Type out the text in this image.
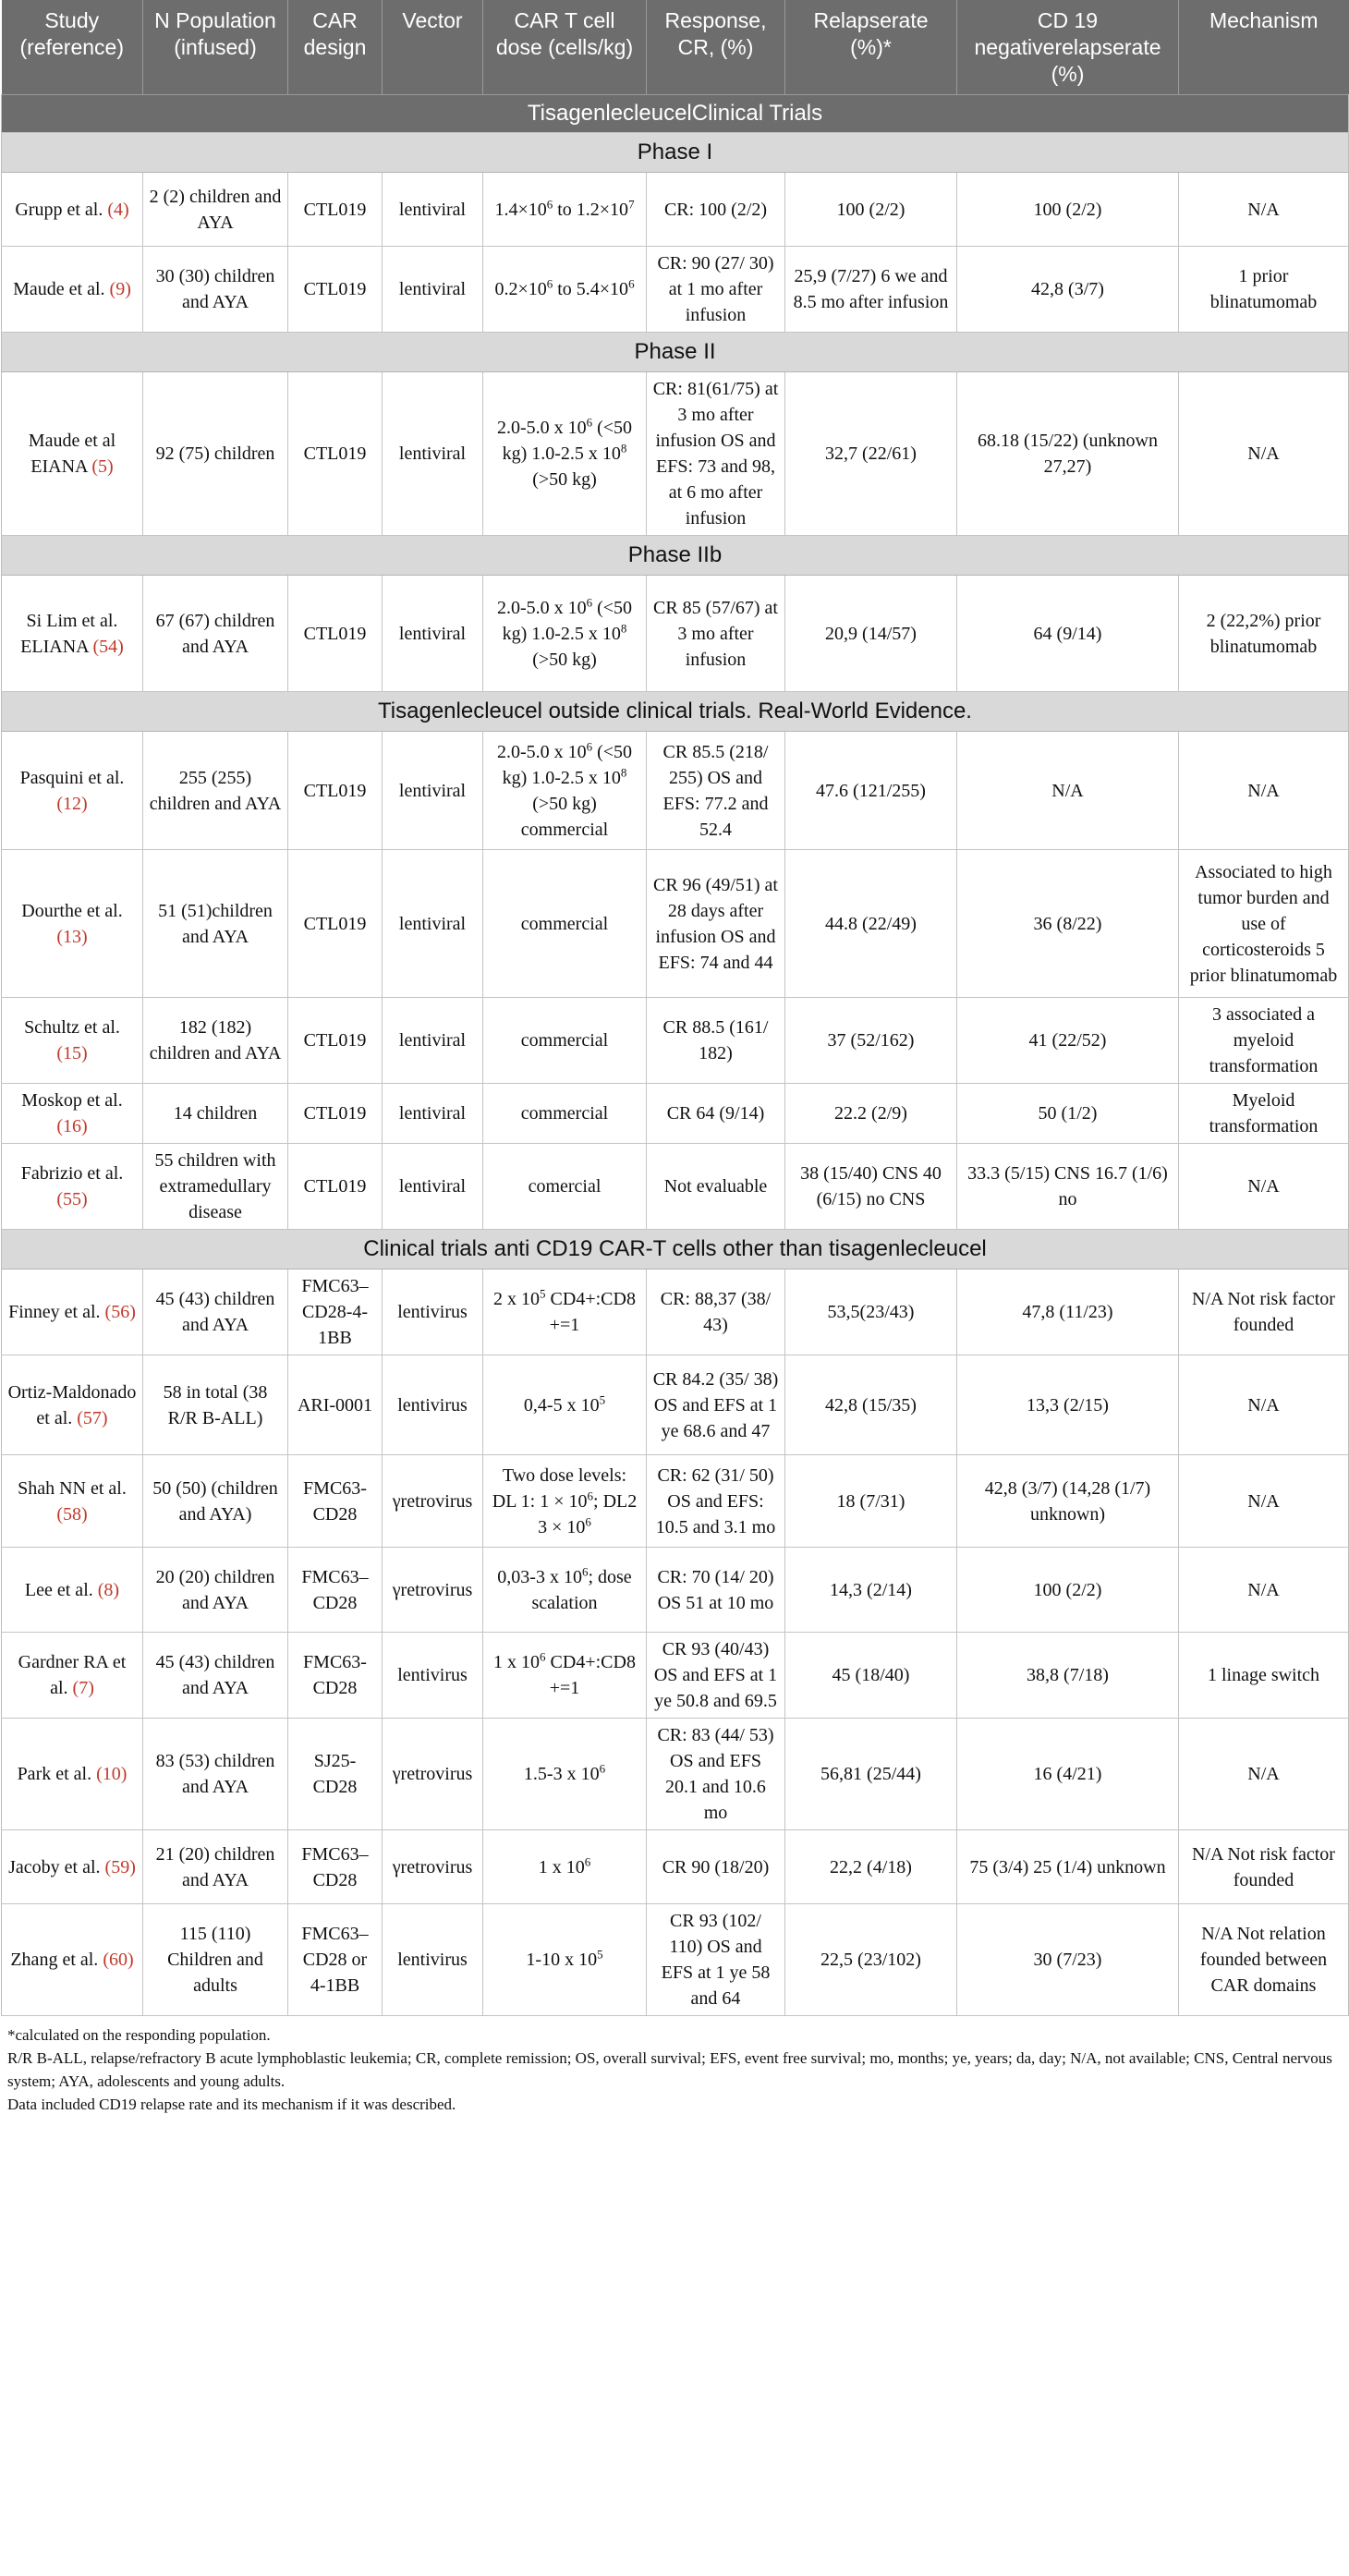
Study (reference)	N Population (infused)	CAR design	Vector	CAR T cell dose (cells/kg)	Response, CR, (%)	Relapserate (%)*	CD 19 negativerelapserate (%)	Mechanism
TisagenlecleucelClinical Trials								
Phase I								
Grupp et al. (4)	2 (2) children and AYA	CTL019	lentiviral	$1.4\times 10^6$ to $1.2\times 10^7$	CR: 100 (2/2)	100 (2/2)	100 (2/2)	N/A
Maude et al. (9)	30 (30) children and AYA	CTL019	lentiviral	$0.2\times 10^6$ to $5.4\times 10^6$	CR: 90 (27/ 30) at 1 mo after infusion	25,9 (7/27) 6 we and 8.5 mo after infusion	42,8 (3/7)	1 prior blinatumomab
Phase II								
Maude et al EIANA (5)	92 (75) children	CTL019	lentiviral	2.0-5.0 x $10^6$ (<50 kg) 1.0-2.5 x $10^8$ (>50 kg)	CR: 81(61/75) at 3 mo after infusion OS and EFS: 73 and 98, at 6 mo after infusion	32,7 (22/61)	68.18 (15/22) (unknown 27,27)	N/A
Phase IIb								
Si Lim et al. ELIANA (54)	67 (67) children and AYA	CTL019	lentiviral	2.0-5.0 x $10^6$ (<50 kg) 1.0-2.5 x $10^8$ (>50 kg)	CR 85 (57/67) at 3 mo after infusion	20,9 (14/57)	64 (9/14)	2 (22,2%) prior blinatumomab
Tisagenlecleucel outside clinical trials. Real-World Evidence.								
Pasquini et al. (12)	255 (255) children and AYA	CTL019	lentiviral	2.0-5.0 x $10^6$ (<50 kg) 1.0-2.5 x $10^8$ (>50 kg) commercial	CR 85.5 (218/ 255) OS and EFS: 77.2 and 52.4	47.6 (121/255)	N/A	N/A
Dourthe et al. (13)	51 (51)children and AYA	CTL019	lentiviral	commercial	CR 96 (49/51) at 28 days after infusion OS and EFS: 74 and 44	44.8 (22/49)	36 (8/22)	Associated to high tumor burden and use of corticosteroids 5 prior blinatumomab
Schultz et al. (15)	182 (182) children and AYA	CTL019	lentiviral	commercial	CR 88.5 (161/ 182)	37 (52/162)	41 (22/52)	3 associated a myeloid transformation
Moskop et al. (16)	14 children	CTL019	lentiviral	commercial	CR 64 (9/14)	22.2 (2/9)	50 (1/2)	Myeloid transformation
Fabrizio et al. (55)	55 children with extramedullary disease	CTL019	lentiviral	comercial	Not evaluable	38 (15/40) CNS 40 (6/15) no CNS	33.3 (5/15) CNS 16.7 (1/6) no	N/A
Clinical trials anti CD19 CAR-T cells other than tisagenlecleucel								
Finney et al. (56)	45 (43) children and AYA	FMC63–CD28-4-1BB	lentivirus	2 x $10^5$ CD4+:CD8 +=1	CR: 88,37 (38/ 43)	53,5(23/43)	47,8 (11/23)	N/A Not risk factor founded
Ortiz-Maldonado et al. (57)	58 in total (38 R/R B-ALL)	ARI-0001	lentivirus	0,4-5 x $10^5$	CR 84.2 (35/ 38) OS and EFS at 1 ye 68.6 and 47	42,8 (15/35)	13,3 (2/15)	N/A
Shah NN et al. (58)	50 (50) (children and AYA)	FMC63-CD28	γretrovirus	Two dose levels: DL 1: $1 \times 10^6$; DL2 $3 \times 10^6$	CR: 62 (31/ 50) OS and EFS: 10.5 and 3.1 mo	18 (7/31)	42,8 (3/7) (14,28 (1/7) unknown)	N/A
Lee et al. (8)	20 (20) children and AYA	FMC63–CD28	γretrovirus	0,03-3 x $10^6$; dose scalation	CR: 70 (14/ 20) OS 51 at 10 mo	14,3 (2/14)	100 (2/2)	N/A
Gardner RA et al. (7)	45 (43) children and AYA	FMC63-CD28	lentivirus	1 x $10^6$ CD4+:CD8 +=1	CR 93 (40/43) OS and EFS at 1 ye 50.8 and 69.5	45 (18/40)	38,8 (7/18)	1 linage switch
Park et al. (10)	83 (53) children and AYA	SJ25-CD28	γretrovirus	1.5-3 x $10^6$	CR: 83 (44/ 53) OS and EFS 20.1 and 10.6 mo	56,81 (25/44)	16 (4/21)	N/A
Jacoby et al. (59)	21 (20) children and AYA	FMC63–CD28	γretrovirus	1 x $10^6$	CR 90 (18/20)	22,2 (4/18)	75 (3/4) 25 (1/4) unknown	N/A Not risk factor founded
Zhang et al. (60)	115 (110) Children and adults	FMC63–CD28 or 4-1BB	lentivirus	1-10 x $10^5$	CR 93 (102/ 110) OS and EFS at 1 ye 58 and 64	22,5 (23/102)	30 (7/23)	N/A Not relation founded between CAR domains
*calculated on the responding population.
R/R B-ALL, relapse/refractory B acute lymphoblastic leukemia; CR, complete remission; OS, overall survival; EFS, event free survival; mo, months; ye, years; da, day; N/A, not available; CNS, Central nervous system; AYA, adolescents and young adults.
Data included CD19 relapse rate and its mechanism if it was described.
